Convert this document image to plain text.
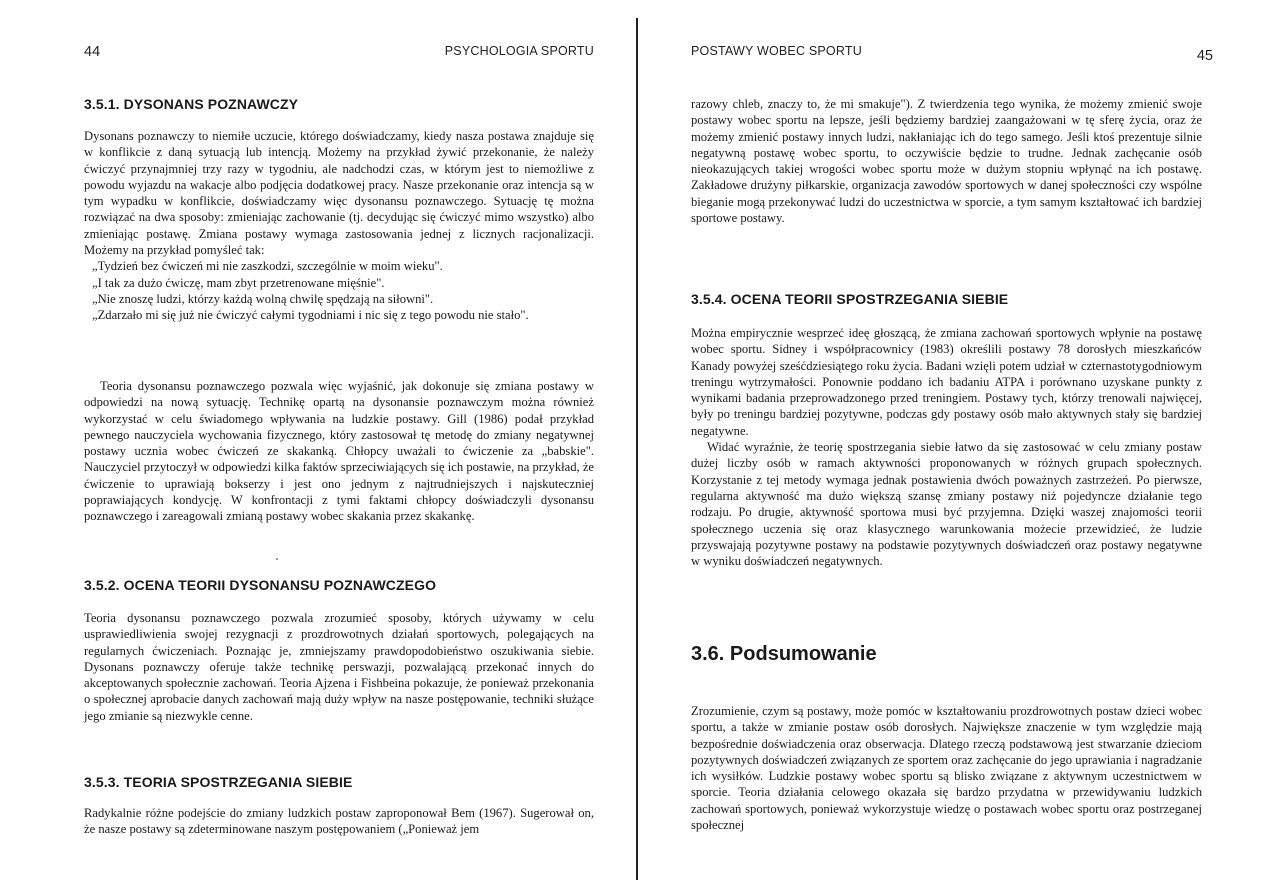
44	PSYCHOLOGIA SPORTU
3.5.1. DYSONANS POZNAWCZY

Dysonans poznawczy to niemiłe uczucie, którego doświadczamy, kiedy nasza postawa znajduje się w konflikcie z daną sytuacją lub intencją. Możemy na przykład żywić przekonanie, że należy ćwiczyć przynajmniej trzy razy w tygodniu, ale nadchodzi czas, w którym jest to niemożliwe z powodu wyjazdu na wakacje albo podjęcia dodatkowej pracy. Nasze przekonanie oraz intencja są w tym wypadku w konflikcie, doświadczamy więc dysonansu poznawczego. Sytuację tę można rozwiązać na dwa sposoby: zmieniając zachowanie (tj. decydując się ćwiczyć mimo wszystko) albo zmieniając postawę. Zmiana postawy wymaga zastosowania jednej z licznych racjonalizacji. Możemy na przykład pomyśleć tak:

„Tydzień bez ćwiczeń mi nie zaszkodzi, szczególnie w moim wieku".
„I tak za dużo ćwiczę, mam zbyt przetrenowane mięśnie".
„Nie znoszę ludzi, którzy każdą wolną chwilę spędzają na siłowni".
„Zdarzało mi się już nie ćwiczyć całymi tygodniami i nic się z tego powodu nie stało".

Teoria dysonansu poznawczego pozwala więc wyjaśnić, jak dokonuje się zmiana postawy w odpowiedzi na nową sytuację. Technikę opartą na dysonansie poznawczym można również wykorzystać w celu świadomego wpływania na ludzkie postawy. Gill (1986) podał przykład pewnego nauczyciela wychowania fizycznego, który zastosował tę metodę do zmiany negatywnej postawy ucznia wobec ćwiczeń ze skakanką. Chłopcy uważali to ćwiczenie za „babskie". Nauczyciel przytoczył w odpowiedzi kilka faktów sprzeciwiających się ich postawie, na przykład, że ćwiczenie to uprawiają bokserzy i jest ono jednym z najtrudniejszych i najskuteczniej poprawiających kondycję. W konfrontacji z tymi faktami chłopcy doświadczyli dysonansu poznawczego i zareagowali zmianą postawy wobec skakania przez skakankę.

3.5.2. OCENA TEORII DYSONANSU POZNAWCZEGO

Teoria dysonansu poznawczego pozwala zrozumieć sposoby, których używamy w celu usprawiedliwienia swojej rezygnacji z prozdrowotnych działań sportowych, polegających na regularnych ćwiczeniach. Poznając je, zmniejszamy prawdopodobieństwo oszukiwania siebie. Dysonans poznawczy oferuje także technikę perswazji, pozwalającą przekonać innych do akceptowanych społecznie zachowań. Teoria Ajzena i Fishbeina pokazuje, że ponieważ przekonania o społecznej aprobacie danych zachowań mają duży wpływ na nasze postępowanie, techniki służące jego zmianie są niezwykle cenne.

3.5.3. TEORIA SPOSTRZEGANIA SIEBIE

Radykalnie różne podejście do zmiany ludzkich postaw zaproponował Bem (1967). Sugerował on, że nasze postawy są zdeterminowane naszym postępowaniem („Ponieważ jem

POSTAWY WOBEC SPORTU	45

razowy chleb, znaczy to, że mi smakuje"). Z twierdzenia tego wynika, że możemy zmienić swoje postawy wobec sportu na lepsze, jeśli będziemy bardziej zaangażowani w tę sferę życia, oraz że możemy zmienić postawy innych ludzi, nakłaniając ich do tego samego. Jeśli ktoś prezentuje silnie negatywną postawę wobec sportu, to oczywiście będzie to trudne. Jednak zachęcanie osób nieokazujących takiej wrogości wobec sportu może w dużym stopniu wpłynąć na ich postawę. Zakładowe drużyny piłkarskie, organizacja zawodów sportowych w danej społeczności czy wspólne bieganie mogą przekonywać ludzi do uczestnictwa w sporcie, a tym samym kształtować ich bardziej sportowe postawy.

3.5.4. OCENA TEORII SPOSTRZEGANIA SIEBIE

Można empirycznie wesprzeć ideę głoszącą, że zmiana zachowań sportowych wpłynie na postawę wobec sportu. Sidney i współpracownicy (1983) określili postawy 78 dorosłych mieszkańców Kanady powyżej sześćdziesiątego roku życia. Badani wzięli potem udział w czternastotygodniowym treningu wytrzymałości. Ponownie poddano ich badaniu ATPA i porównano uzyskane punkty z wynikami badania przeprowadzonego przed treningiem. Postawy tych, którzy trenowali najwięcej, były po treningu bardziej pozytywne, podczas gdy postawy osób mało aktywnych stały się bardziej negatywne.

Widać wyraźnie, że teorię spostrzegania siebie łatwo da się zastosować w celu zmiany postaw dużej liczby osób w ramach aktywności proponowanych w różnych grupach społecznych. Korzystanie z tej metody wymaga jednak postawienia dwóch poważnych zastrzeżeń. Po pierwsze, regularna aktywność ma dużo większą szansę zmiany postawy niż pojedyncze działanie tego rodzaju. Po drugie, aktywność sportowa musi być przyjemna. Dzięki waszej znajomości teorii społecznego uczenia się oraz klasycznego warunkowania możecie przewidzieć, że ludzie przyswajają pozytywne postawy na podstawie pozytywnych doświadczeń oraz postawy negatywne w wyniku doświadczeń negatywnych.

3.6. Podsumowanie

Zrozumienie, czym są postawy, może pomóc w kształtowaniu prozdrowotnych postaw dzieci wobec sportu, a także w zmianie postaw osób dorosłych. Największe znaczenie w tym względzie mają bezpośrednie doświadczenia oraz obserwacja. Dlatego rzeczą podstawową jest stwarzanie dzieciom pozytywnych doświadczeń związanych ze sportem oraz zachęcanie do jego uprawiania i nagradzanie ich wysiłków. Ludzkie postawy wobec sportu są blisko związane z aktywnym uczestnictwem w sporcie. Teoria działania celowego okazała się bardzo przydatna w przewidywaniu ludzkich zachowań sportowych, ponieważ wykorzystuje wiedzę o postawach wobec sportu oraz postrzeganej społecznej
